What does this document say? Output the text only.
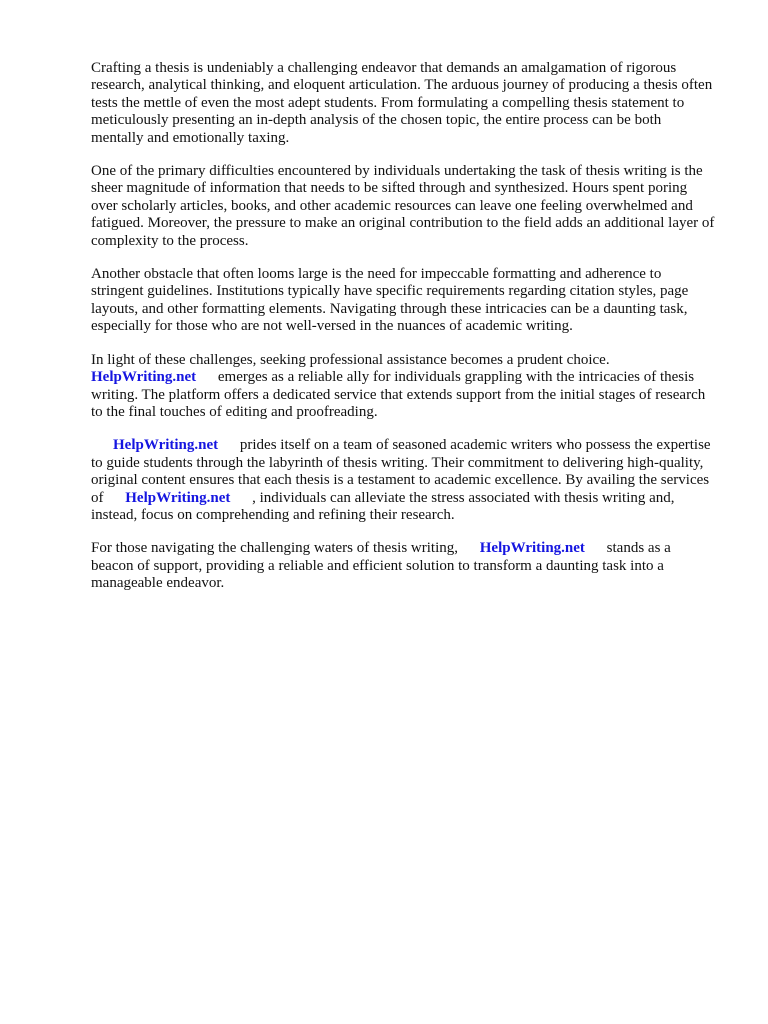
Crafting a thesis is undeniably a challenging endeavor that demands an amalgamation of rigorous research, analytical thinking, and eloquent articulation. The arduous journey of producing a thesis often tests the mettle of even the most adept students. From formulating a compelling thesis statement to meticulously presenting an in-depth analysis of the chosen topic, the entire process can be both mentally and emotionally taxing.

One of the primary difficulties encountered by individuals undertaking the task of thesis writing is the sheer magnitude of information that needs to be sifted through and synthesized. Hours spent poring over scholarly articles, books, and other academic resources can leave one feeling overwhelmed and fatigued. Moreover, the pressure to make an original contribution to the field adds an additional layer of complexity to the process.

Another obstacle that often looms large is the need for impeccable formatting and adherence to stringent guidelines. Institutions typically have specific requirements regarding citation styles, page layouts, and other formatting elements. Navigating through these intricacies can be a daunting task, especially for those who are not well-versed in the nuances of academic writing.

In light of these challenges, seeking professional assistance becomes a prudent choice.
HelpWriting.net emerges as a reliable ally for individuals grappling with the intricacies of thesis writing. The platform offers a dedicated service that extends support from the initial stages of research to the final touches of editing and proofreading.

HelpWriting.net prides itself on a team of seasoned academic writers who possess the expertise to guide students through the labyrinth of thesis writing. Their commitment to delivering high-quality, original content ensures that each thesis is a testament to academic excellence. By availing the services of HelpWriting.net , individuals can alleviate the stress associated with thesis writing and, instead, focus on comprehending and refining their research.

For those navigating the challenging waters of thesis writing, HelpWriting.net stands as a beacon of support, providing a reliable and efficient solution to transform a daunting task into a manageable endeavor.
